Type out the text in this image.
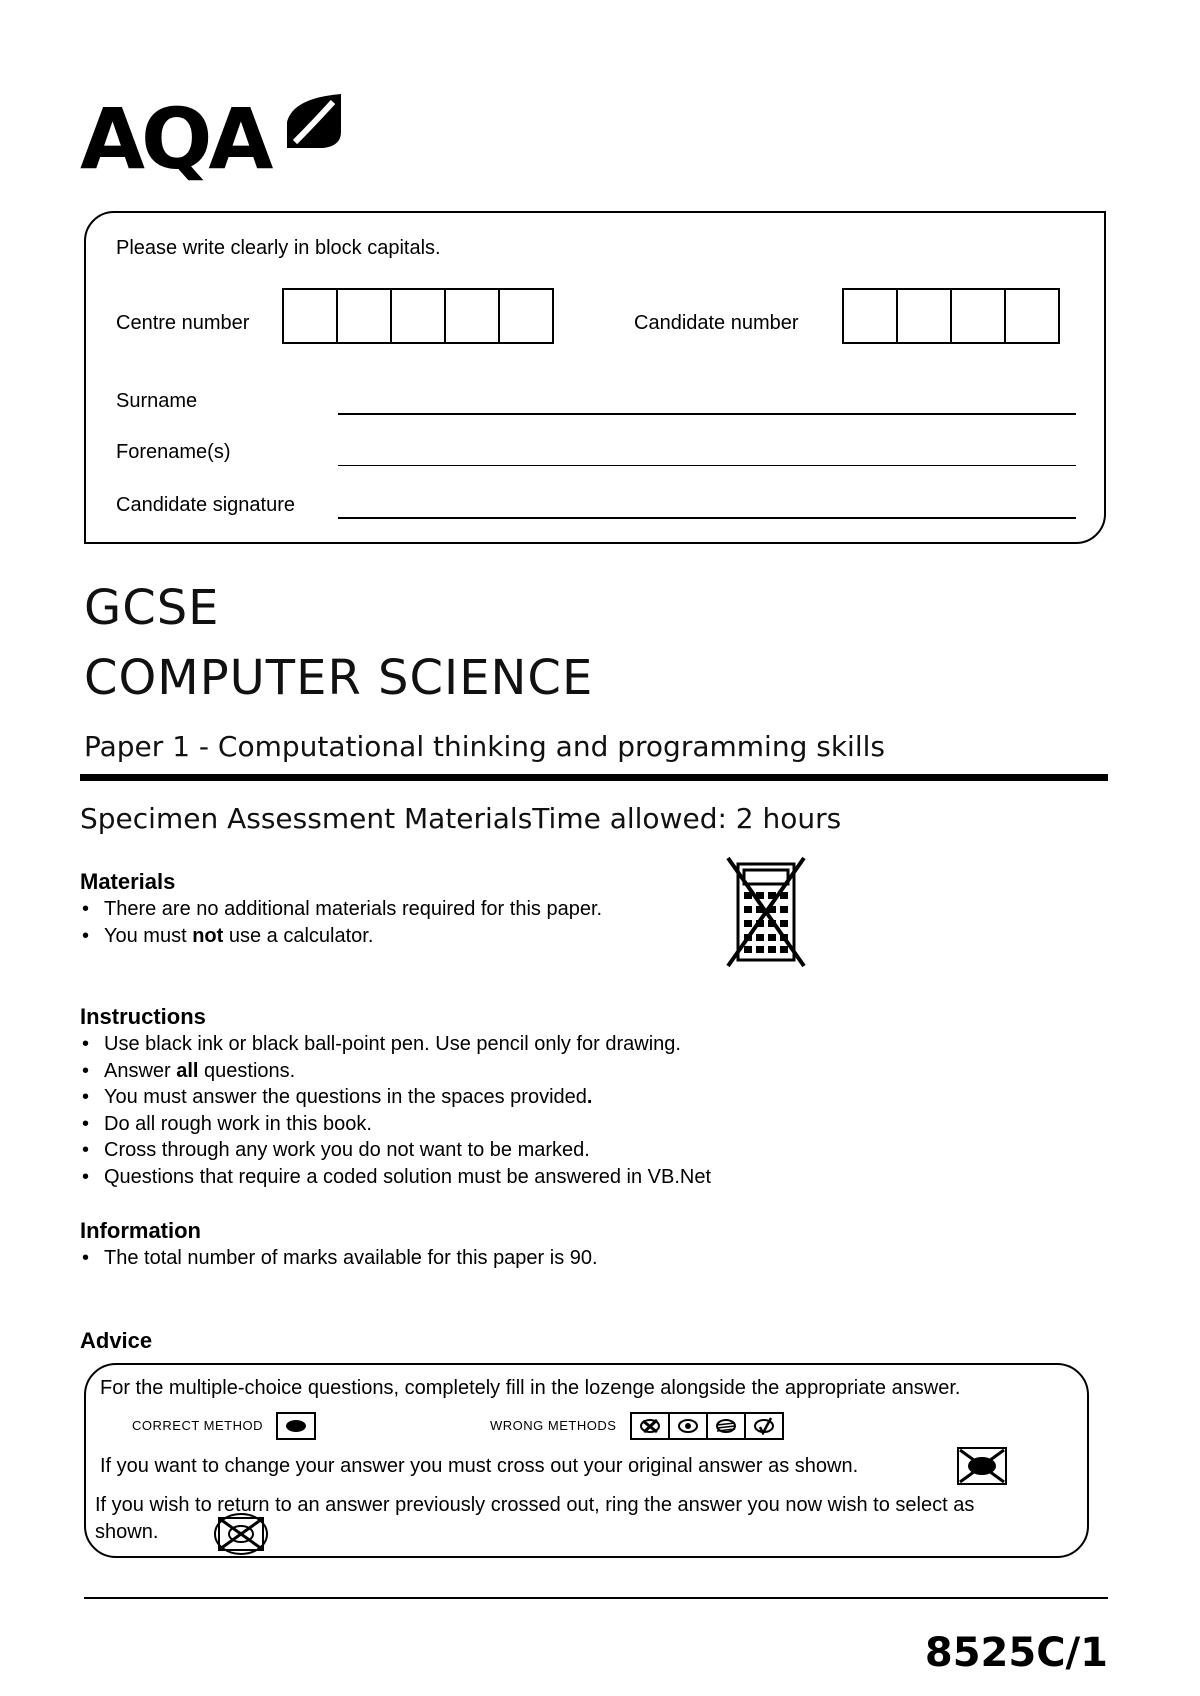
AQA
Please write clearly in block capitals.
Centre number	Candidate number
Surname
Forename(s)
Candidate signature
GCSE
COMPUTER SCIENCE
Paper 1 - Computational thinking and programming skills
Specimen Assessment MaterialsTime allowed: 2 hours
Materials
• There are no additional materials required for this paper.
• You must not use a calculator.
Instructions
• Use black ink or black ball-point pen. Use pencil only for drawing.
• Answer all questions.
• You must answer the questions in the spaces provided.
• Do all rough work in this book.
• Cross through any work you do not want to be marked.
• Questions that require a coded solution must be answered in VB.Net
Information
• The total number of marks available for this paper is 90.
Advice
For the multiple-choice questions, completely fill in the lozenge alongside the appropriate answer.
CORRECT METHOD	WRONG METHODS
If you want to change your answer you must cross out your original answer as shown.
If you wish to return to an answer previously crossed out, ring the answer you now wish to select as
shown.
8525C/1
